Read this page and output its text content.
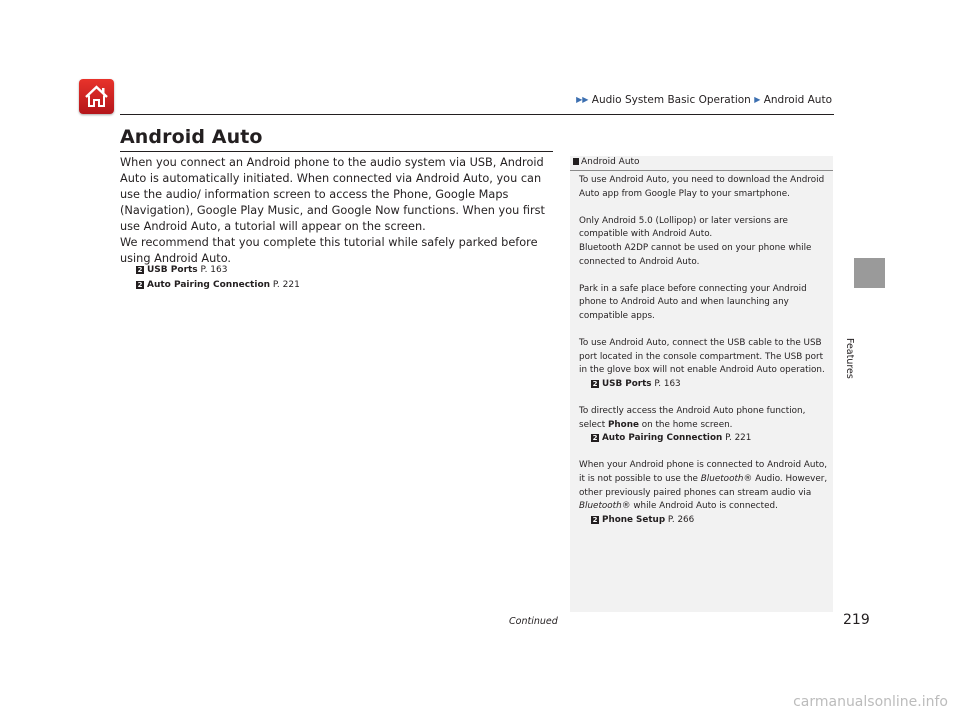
▶▶ Audio System Basic Operation ▶ Android Auto
Android Auto
When you connect an Android phone to the audio system via USB, Android Auto is automatically initiated. When connected via Android Auto, you can use the audio/ information screen to access the Phone, Google Maps (Navigation), Google Play Music, and Google Now functions. When you first use Android Auto, a tutorial will appear on the screen.
We recommend that you complete this tutorial while safely parked before using Android Auto.
2 USB Ports P. 163
2 Auto Pairing Connection P. 221
Android Auto

To use Android Auto, you need to download the Android Auto app from Google Play to your smartphone.

Only Android 5.0 (Lollipop) or later versions are compatible with Android Auto.

Bluetooth A2DP cannot be used on your phone while connected to Android Auto.

Park in a safe place before connecting your Android phone to Android Auto and when launching any compatible apps.

To use Android Auto, connect the USB cable to the USB port located in the console compartment. The USB port in the glove box will not enable Android Auto operation.

2 USB Ports P. 163

To directly access the Android Auto phone function, select Phone on the home screen.

2 Auto Pairing Connection P. 221

When your Android phone is connected to Android Auto, it is not possible to use the Bluetooth® Audio. However, other previously paired phones can stream audio via Bluetooth® while Android Auto is connected.

2 Phone Setup P. 266

Continued	219
Features
carmanualsonline.info
